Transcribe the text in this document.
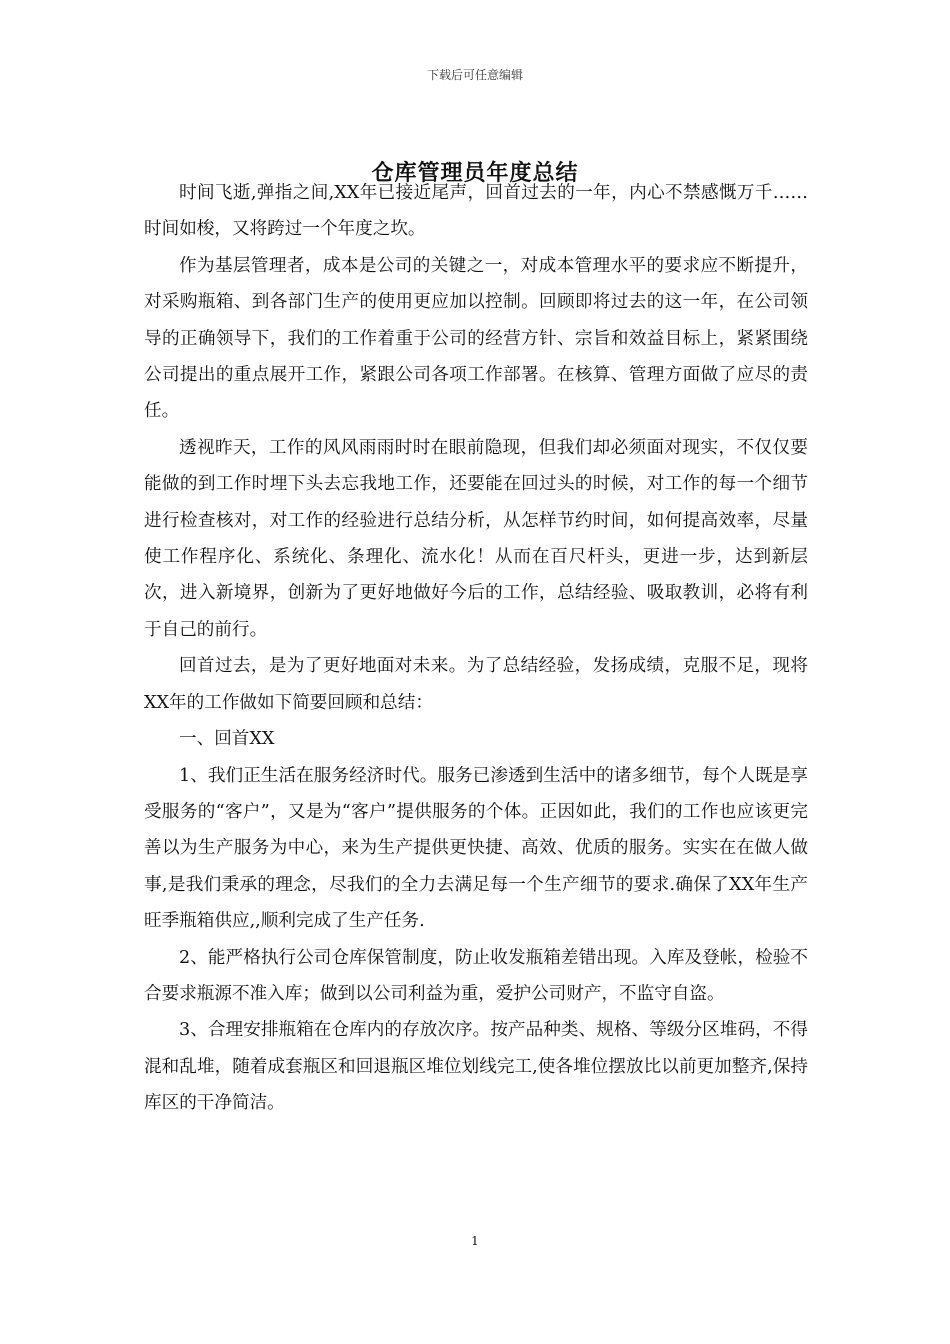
下载后可任意编辑
仓库管理员年度总结

时间飞逝,弹指之间,XX年已接近尾声，回首过去的一年，内心不禁感慨万千……时间如梭，又将跨过一个年度之坎。

作为基层管理者，成本是公司的关键之一，对成本管理水平的要求应不断提升，对采购瓶箱、到各部门生产的使用更应加以控制。回顾即将过去的这一年，在公司领导的正确领导下，我们的工作着重于公司的经营方针、宗旨和效益目标上，紧紧围绕公司提出的重点展开工作，紧跟公司各项工作部署。在核算、管理方面做了应尽的责任。

透视昨天，工作的风风雨雨时时在眼前隐现，但我们却必须面对现实，不仅仅要能做的到工作时埋下头去忘我地工作，还要能在回过头的时候，对工作的每一个细节进行检查核对，对工作的经验进行总结分析，从怎样节约时间，如何提高效率，尽量使工作程序化、系统化、条理化、流水化！从而在百尺杆头，更进一步，达到新层次，进入新境界，创新为了更好地做好今后的工作，总结经验、吸取教训，必将有利于自己的前行。

回首过去，是为了更好地面对未来。为了总结经验，发扬成绩，克服不足，现将XX年的工作做如下简要回顾和总结：

一、回首XX

1、我们正生活在服务经济时代。服务已渗透到生活中的诸多细节，每个人既是享受服务的“客户”，又是为“客户”提供服务的个体。正因如此，我们的工作也应该更完善以为生产服务为中心，来为生产提供更快捷、高效、优质的服务。实实在在做人做事,是我们秉承的理念，尽我们的全力去满足每一个生产细节的要求.确保了XX年生产旺季瓶箱供应,,顺利完成了生产任务.

2、能严格执行公司仓库保管制度，防止收发瓶箱差错出现。入库及登帐，检验不合要求瓶源不准入库；做到以公司利益为重，爱护公司财产，不监守自盗。

3、合理安排瓶箱在仓库内的存放次序。按产品种类、规格、等级分区堆码，不得混和乱堆，随着成套瓶区和回退瓶区堆位划线完工,使各堆位摆放比以前更加整齐,保持库区的干净简洁。

1
